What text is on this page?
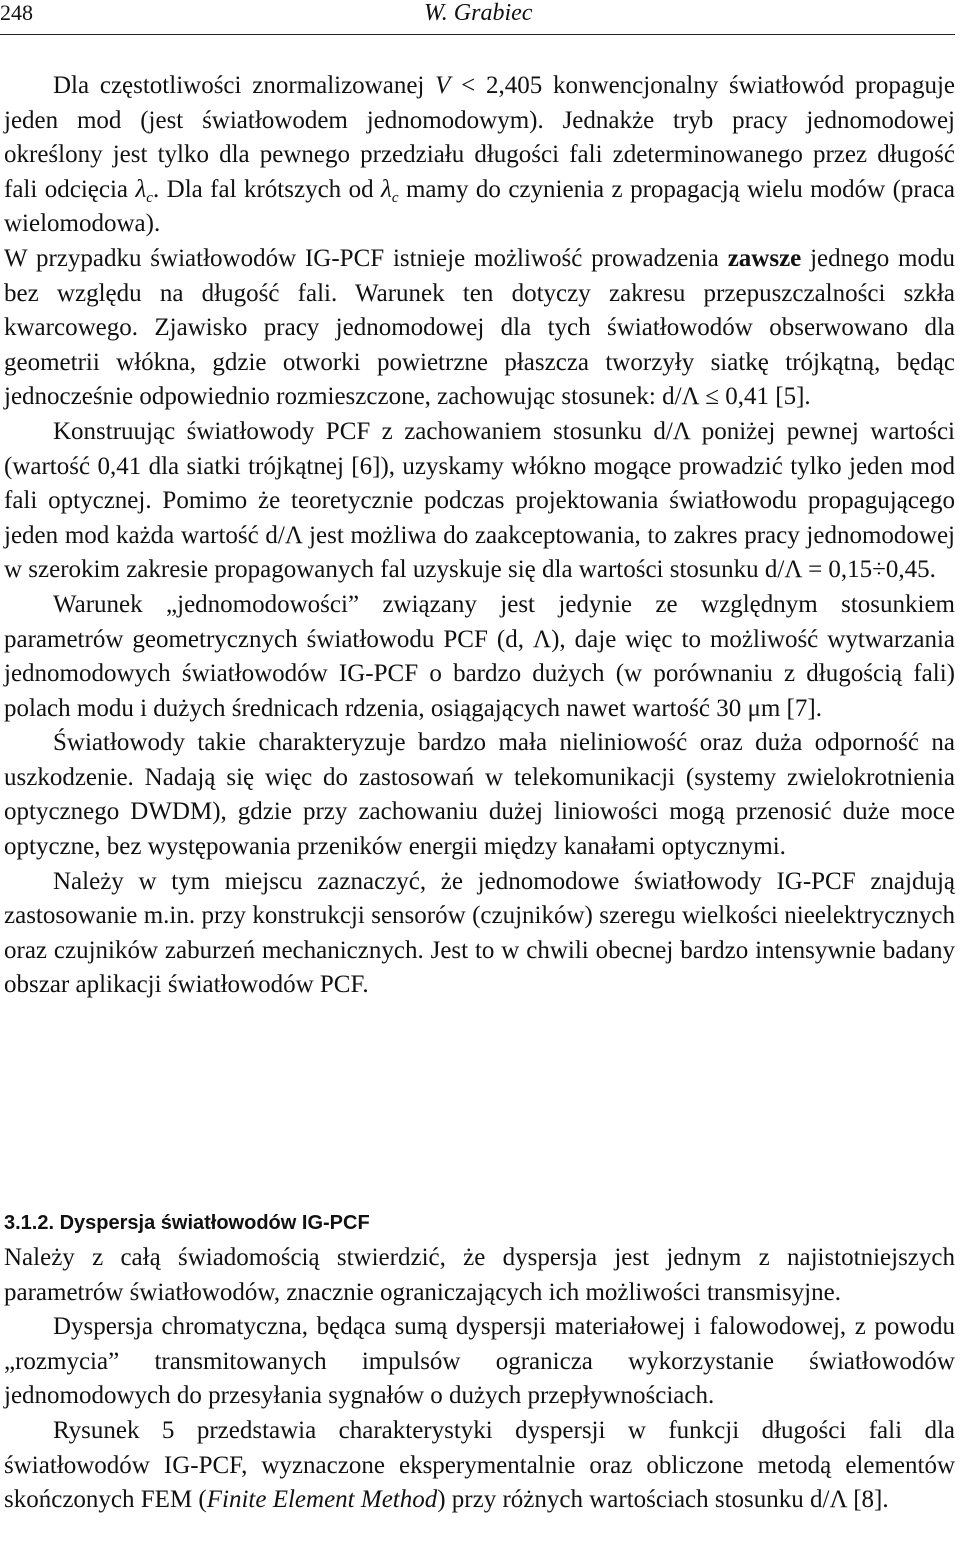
248	W. Grabiec

Dla częstotliwości znormalizowanej V < 2,405 konwencjonalny światłowód propaguje jeden mod (jest światłowodem jednomodowym). Jednakże tryb pracy jednomodowej określony jest tylko dla pewnego przedziału długości fali zdeterminowanego przez długość fali odcięcia $\lambda_c$. Dla fal krótszych od $\lambda_c$ mamy do czynienia z propagacją wielu modów (praca wielomodowa).

W przypadku światłowodów IG-PCF istnieje możliwość prowadzenia zawsze jednego modu bez względu na długość fali. Warunek ten dotyczy zakresu przepuszczalności szkła kwarcowego. Zjawisko pracy jednomodowej dla tych światłowodów obserwowano dla geometrii włókna, gdzie otworki powietrzne płaszcza tworzyły siatkę trójkątną, będąc jednocześnie odpowiednio rozmieszczone, zachowując stosunek: d/Λ ≤ 0,41 [5].

Konstruując światłowody PCF z zachowaniem stosunku d/Λ poniżej pewnej wartości (wartość 0,41 dla siatki trójkątnej [6]), uzyskamy włókno mogące prowadzić tylko jeden mod fali optycznej. Pomimo że teoretycznie podczas projektowania światłowodu propagującego jeden mod każda wartość d/Λ jest możliwa do zaakceptowania, to zakres pracy jednomodowej w szerokim zakresie propagowanych fal uzyskuje się dla wartości stosunku d/Λ = 0,15÷0,45.

Warunek „jednomodowości” związany jest jedynie ze względnym stosunkiem parametrów geometrycznych światłowodu PCF (d, Λ), daje więc to możliwość wytwarzania jednomodowych światłowodów IG-PCF o bardzo dużych (w porównaniu z długością fali) polach modu i dużych średnicach rdzenia, osiągających nawet wartość 30 μm [7].

Światłowody takie charakteryzuje bardzo mała nieliniowość oraz duża odporność na uszkodzenie. Nadają się więc do zastosowań w telekomunikacji (systemy zwielokrotnienia optycznego DWDM), gdzie przy zachowaniu dużej liniowości mogą przenosić duże moce optyczne, bez występowania przeników energii między kanałami optycznymi.

Należy w tym miejscu zaznaczyć, że jednomodowe światłowody IG-PCF znajdują zastosowanie m.in. przy konstrukcji sensorów (czujników) szeregu wielkości nieelektrycznych oraz czujników zaburzeń mechanicznych. Jest to w chwili obecnej bardzo intensywnie badany obszar aplikacji światłowodów PCF.

3.1.2. Dyspersja światłowodów IG-PCF

Należy z całą świadomością stwierdzić, że dyspersja jest jednym z najistotniejszych parametrów światłowodów, znacznie ograniczających ich możliwości transmisyjne.

Dyspersja chromatyczna, będąca sumą dyspersji materiałowej i falowodowej, z powodu „rozmycia” transmitowanych impulsów ogranicza wykorzystanie światłowodów jednomodowych do przesyłania sygnałów o dużych przepływnościach.

Rysunek 5 przedstawia charakterystyki dyspersji w funkcji długości fali dla światłowodów IG-PCF, wyznaczone eksperymentalnie oraz obliczone metodą elementów skończonych FEM (Finite Element Method) przy różnych wartościach stosunku d/Λ [8].
